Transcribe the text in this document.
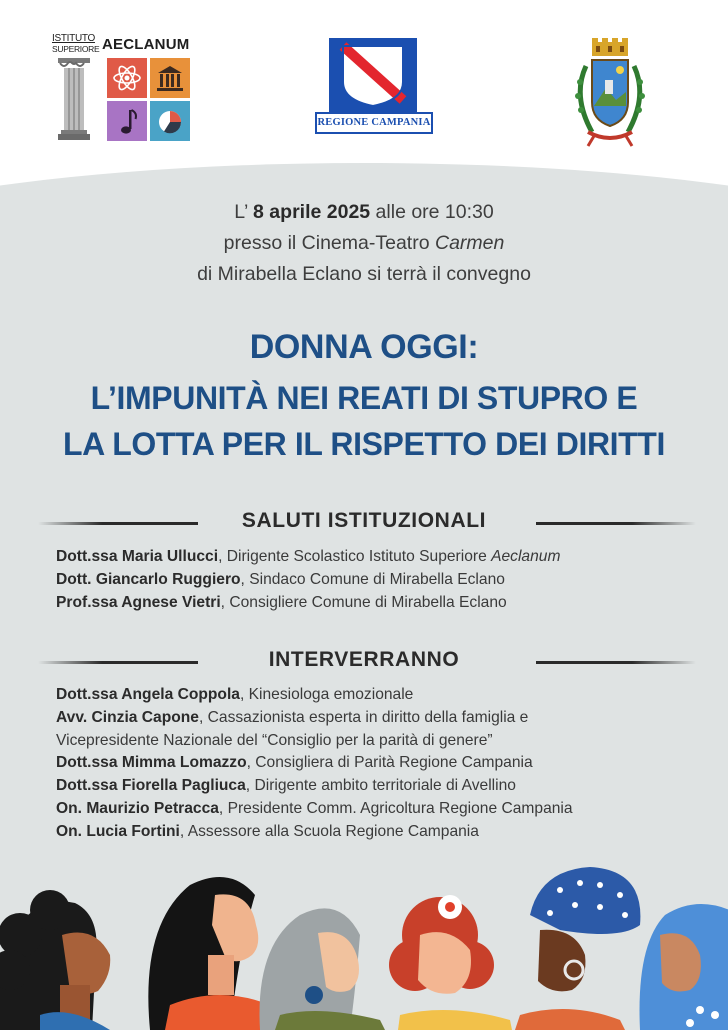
ISTITUTO
SUPERIORE AECLANUM
REGIONE CAMPANIA
L’ 8 aprile 2025 alle ore 10:30
presso il Cinema-Teatro Carmen
di Mirabella Eclano si terrà il convegno
DONNA OGGI:
L’IMPUNITÀ NEI REATI DI STUPRO E
LA LOTTA PER IL RISPETTO DEI DIRITTI
SALUTI ISTITUZIONALI
Dott.ssa Maria Ullucci, Dirigente Scolastico Istituto Superiore Aeclanum
Dott. Giancarlo Ruggiero, Sindaco Comune di Mirabella Eclano
Prof.ssa Agnese Vietri, Consigliere Comune di Mirabella Eclano
INTERVERRANNO
Dott.ssa Angela Coppola, Kinesiologa emozionale
Avv. Cinzia Capone, Cassazionista esperta in diritto della famiglia e
Vicepresidente Nazionale del “Consiglio per la parità di genere”
Dott.ssa Mimma Lomazzo, Consigliera di Parità Regione Campania
Dott.ssa Fiorella Pagliuca, Dirigente ambito territoriale di Avellino
On. Maurizio Petracca, Presidente Comm. Agricoltura Regione Campania
On. Lucia Fortini, Assessore alla Scuola Regione Campania
